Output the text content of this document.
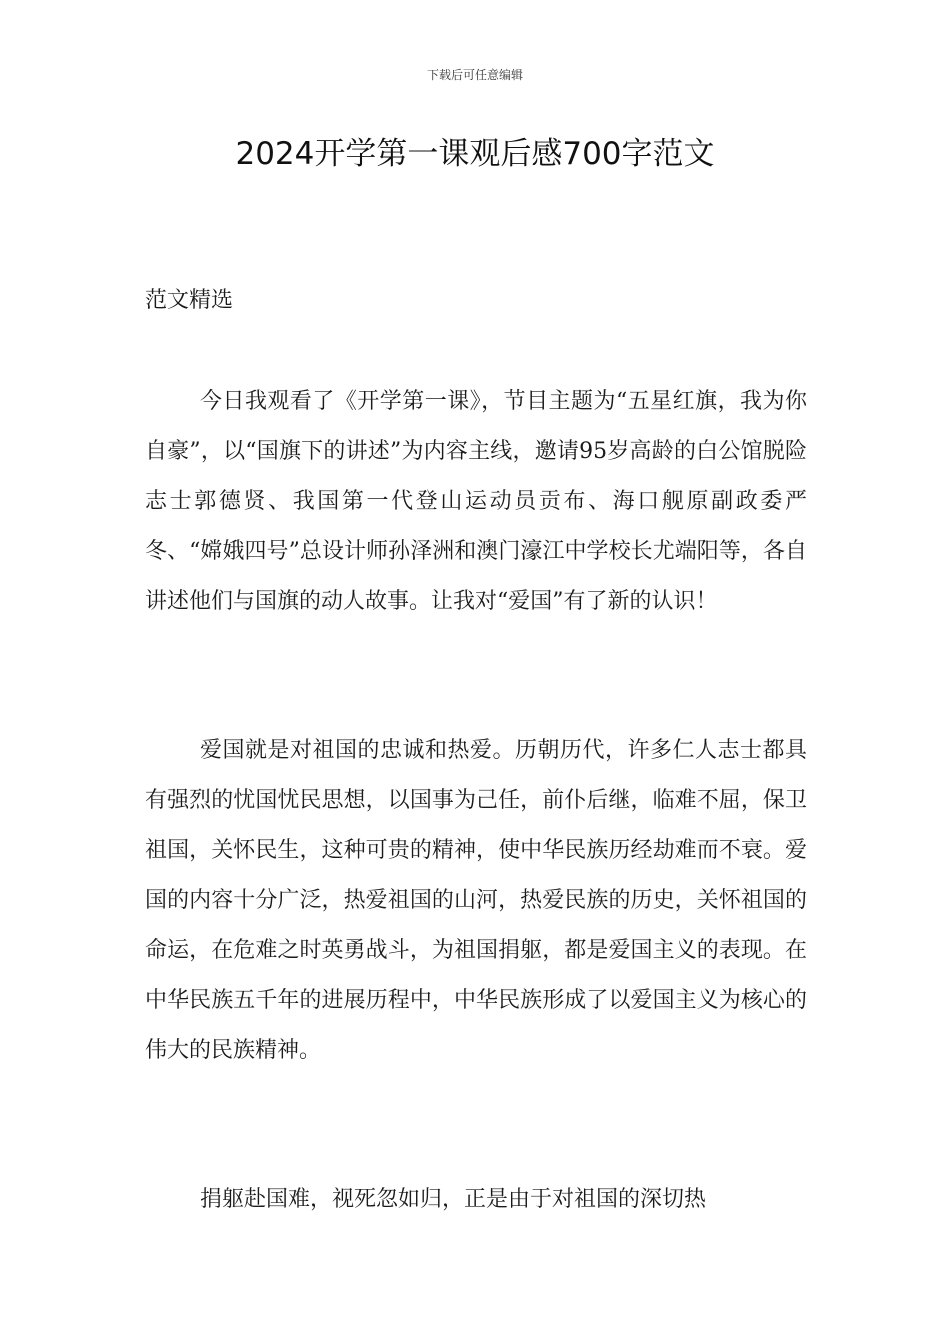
下载后可任意编辑
2024开学第一课观后感700字范文

范文精选

今日我观看了《开学第一课》，节目主题为“五星红旗，我为你自豪”，以“国旗下的讲述”为内容主线，邀请95岁高龄的白公馆脱险志士郭德贤、我国第一代登山运动员贡布、海口舰原副政委严冬、“嫦娥四号”总设计师孙泽洲和澳门濠江中学校长尤端阳等，各自讲述他们与国旗的动人故事。让我对“爱国”有了新的认识！

爱国就是对祖国的忠诚和热爱。历朝历代，许多仁人志士都具有强烈的忧国忧民思想，以国事为己任，前仆后继，临难不屈，保卫祖国，关怀民生，这种可贵的精神，使中华民族历经劫难而不衰。爱国的内容十分广泛，热爱祖国的山河，热爱民族的历史，关怀祖国的命运，在危难之时英勇战斗，为祖国捐躯，都是爱国主义的表现。在中华民族五千年的进展历程中，中华民族形成了以爱国主义为核心的伟大的民族精神。

捐躯赴国难，视死忽如归，正是由于对祖国的深切热
